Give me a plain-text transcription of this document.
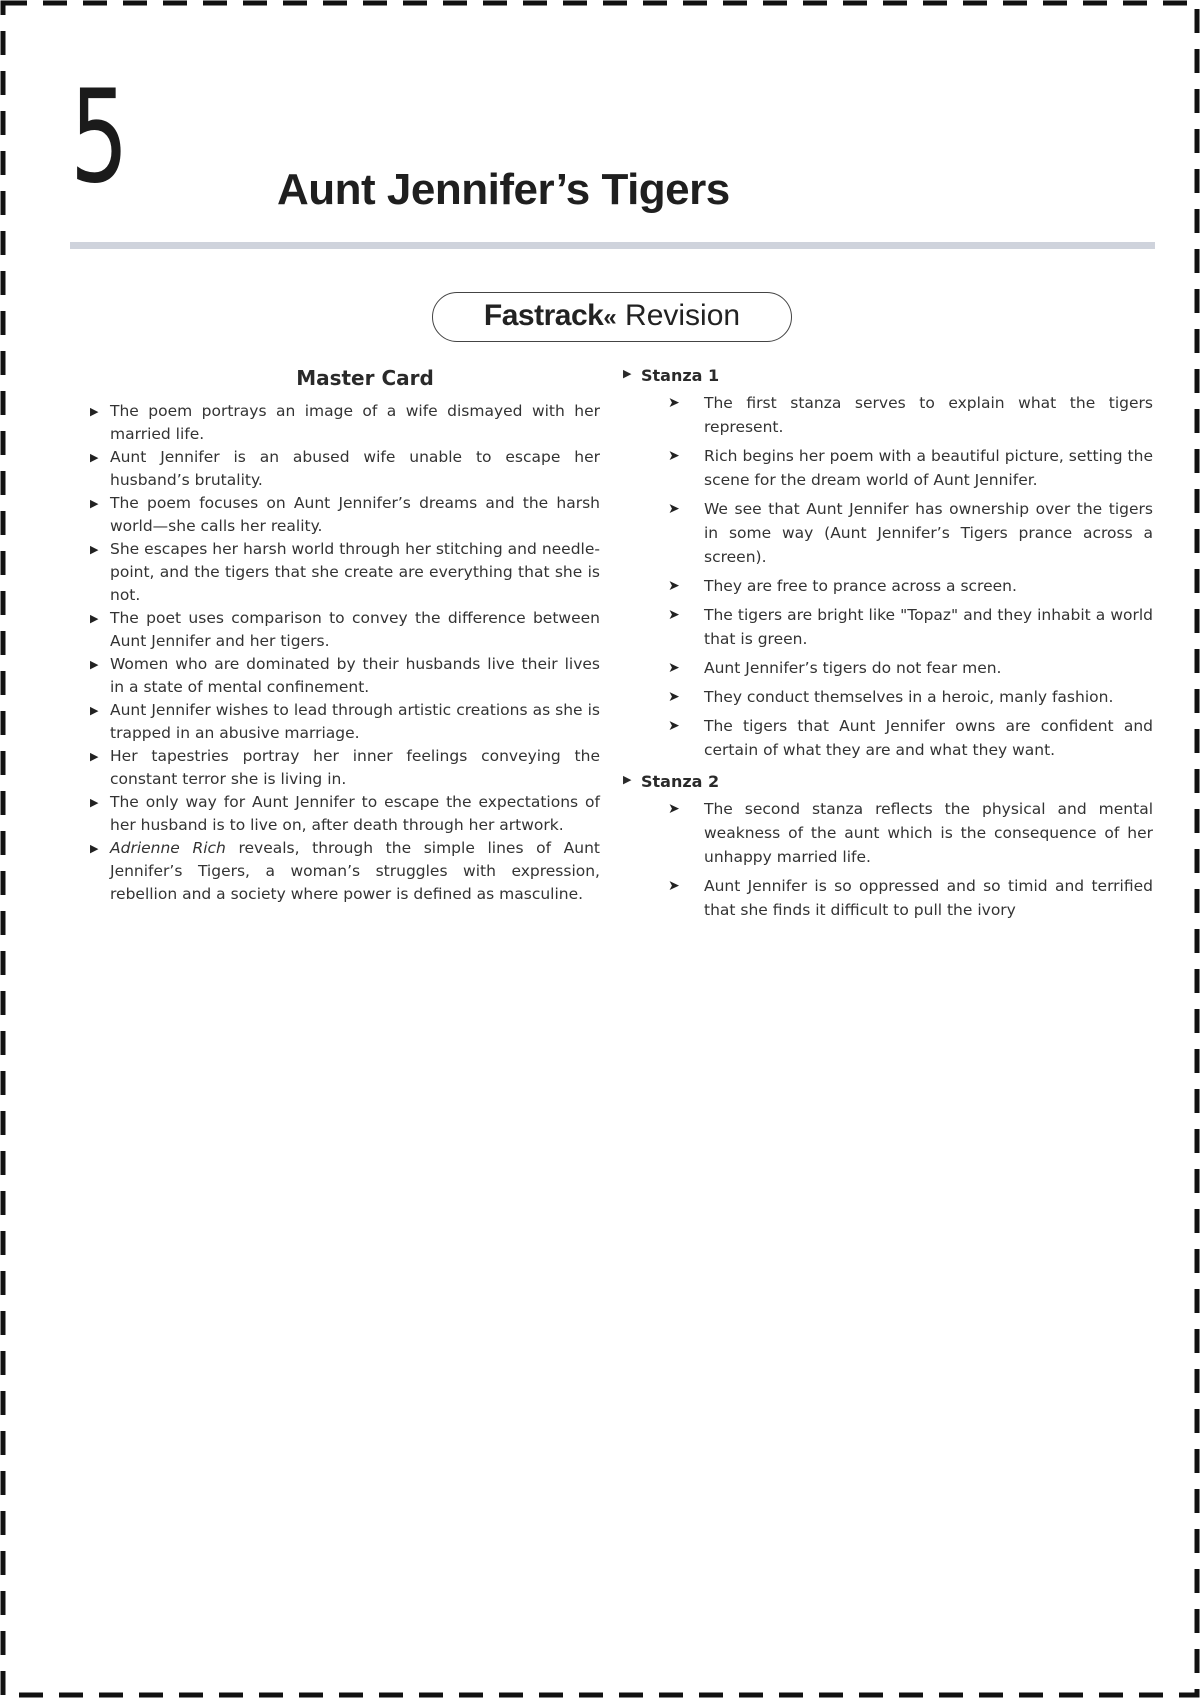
5	Aunt Jennifer’s Tigers
Fastrack« Revision
Master Card
▶ The poem portrays an image of a wife dismayed with her married life.
▶ Aunt Jennifer is an abused wife unable to escape her husband’s brutality.
▶ The poem focuses on Aunt Jennifer’s dreams and the harsh world—she calls her reality.
▶ She escapes her harsh world through her stitching and needle-point, and the tigers that she create are everything that she is not.
▶ The poet uses comparison to convey the difference between Aunt Jennifer and her tigers.
▶ Women who are dominated by their husbands live their lives in a state of mental confinement.
▶ Aunt Jennifer wishes to lead through artistic creations as she is trapped in an abusive marriage.
▶ Her tapestries portray her inner feelings conveying the constant terror she is living in.
▶ The only way for Aunt Jennifer to escape the expectations of her husband is to live on, after death through her artwork.
▶ Adrienne Rich reveals, through the simple lines of Aunt Jennifer’s Tigers, a woman’s struggles with expression, rebellion and a society where power is defined as masculine.
▶ Stanza 1
➤ The first stanza serves to explain what the tigers represent.
➤ Rich begins her poem with a beautiful picture, setting the scene for the dream world of Aunt Jennifer.
➤ We see that Aunt Jennifer has ownership over the tigers in some way (Aunt Jennifer’s Tigers prance across a screen).
➤ They are free to prance across a screen.
➤ The tigers are bright like "Topaz" and they inhabit a world that is green.
➤ Aunt Jennifer’s tigers do not fear men.
➤ They conduct themselves in a heroic, manly fashion.
➤ The tigers that Aunt Jennifer owns are confident and certain of what they are and what they want.
▶ Stanza 2
➤ The second stanza reflects the physical and mental weakness of the aunt which is the consequence of her unhappy married life.
➤ Aunt Jennifer is so oppressed and so timid and terrified that she finds it difficult to pull the ivory
